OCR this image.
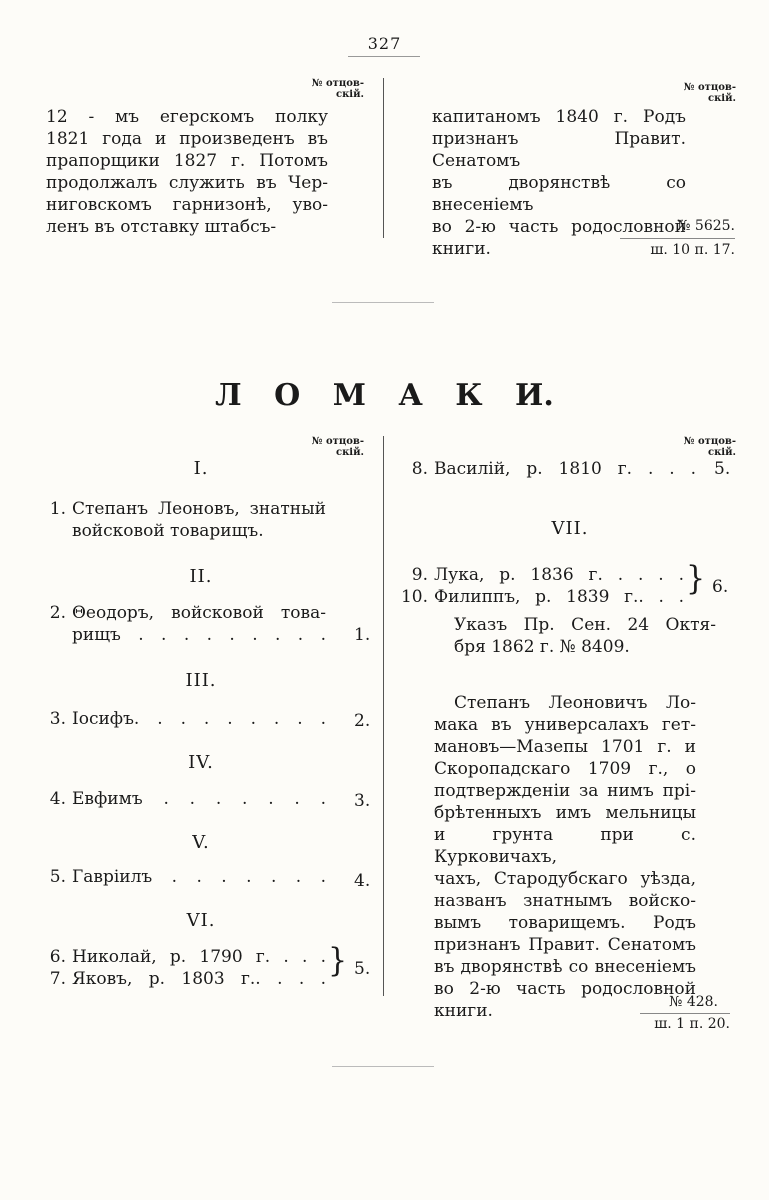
327
№ отцов-
скій.
№ отцов-
скій.
12 - мъ егерскомъ полку
1821 года и произведенъ въ
прапорщики 1827 г. Потомъ
продолжалъ служить въ Чер-
ниговскомъ гарнизонѣ, уво-
ленъ въ отставку штабсъ-
капитаномъ 1840 г. Родъ
признанъ Правит. Сенатомъ
въ дворянствѣ со внесеніемъ
во 2-ю часть родословной
книги.
№ 5625.
ш. 10 п. 17.
Л О М А К И.
№ отцов-
скій.
№ отцов-
скій.
I.
1. Степанъ Леоновъ, знатный
войсковой товарищъ.
II.
2. Θеодоръ, войсковой това-
рищъ . . . . . . . . . 1.
III.
3. Іосифъ. . . . . . . . . 2.
IV.
4. Евфимъ . . . . . . . 3.
V.
5. Гавріилъ . . . . . . . 4.
VI.
6. Николай, р. 1790 г. . . .
7. Яковъ, р. 1803 г.. . . . } 5.
8. Василій, р. 1810 г. . . . 5.
VII.
9. Лука, р. 1836 г. . . . .
10. Филиппъ, р. 1839 г.. . . } 6.
Указъ Пр. Сен. 24 Октя-
бря 1862 г. № 8409.
Степанъ Леоновичъ Ло-
мака въ универсалахъ гет-
мановъ—Мазепы 1701 г. и
Скоропадскаго 1709 г., о
подтвержденіи за нимъ прі-
брѣтенныхъ имъ мельницы
и грунта при с. Курковичахъ,
чахъ, Стародубскаго уѣзда,
названъ знатнымъ войско-
вымъ товарищемъ. Родъ
признанъ Правит. Сенатомъ
въ дворянствѣ со внесеніемъ
во 2-ю часть родословной
книги.	№ 428.
ш. 1 п. 20.
